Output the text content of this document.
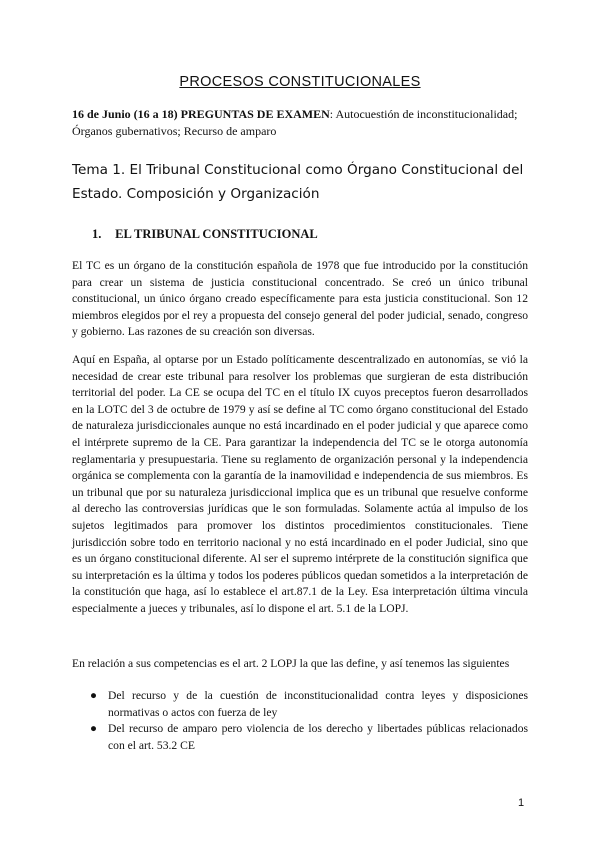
PROCESOS CONSTITUCIONALES
16 de Junio (16 a 18) PREGUNTAS DE EXAMEN: Autocuestión de inconstitucionalidad; Órganos gubernativos; Recurso de amparo
Tema 1. El Tribunal Constitucional como Órgano Constitucional del Estado. Composición y Organización
1. EL TRIBUNAL CONSTITUCIONAL

El TC es un órgano de la constitución española de 1978 que fue introducido por la constitución para crear un sistema de justicia constitucional concentrado. Se creó un único tribunal constitucional, un único órgano creado específicamente para esta justicia constitucional. Son 12 miembros elegidos por el rey a propuesta del consejo general del poder judicial, senado, congreso y gobierno. Las razones de su creación son diversas.

Aquí en España, al optarse por un Estado políticamente descentralizado en autonomías, se vió la necesidad de crear este tribunal para resolver los problemas que surgieran de esta distribución territorial del poder. La CE se ocupa del TC en el título IX cuyos preceptos fueron desarrollados en la LOTC del 3 de octubre de 1979 y así se define al TC como órgano constitucional del Estado de naturaleza jurisdiccionales aunque no está incardinado en el poder judicial y que aparece como el intérprete supremo de la CE. Para garantizar la independencia del TC se le otorga autonomía reglamentaria y presupuestaria. Tiene su reglamento de organización personal y la independencia orgánica se complementa con la garantía de la inamovilidad e independencia de sus miembros. Es un tribunal que por su naturaleza jurisdiccional implica que es un tribunal que resuelve conforme al derecho las controversias jurídicas que le son formuladas. Solamente actúa al impulso de los sujetos legitimados para promover los distintos procedimientos constitucionales. Tiene jurisdicción sobre todo en territorio nacional y no está incardinado en el poder Judicial, sino que es un órgano constitucional diferente. Al ser el supremo intérprete de la constitución significa que su interpretación es la última y todos los poderes públicos quedan sometidos a la interpretación de la constitución que haga, así lo establece el art.87.1 de la Ley. Esa interpretación última vincula especialmente a jueces y tribunales, así lo dispone el art. 5.1 de la LOPJ.

En relación a sus competencias es el art. 2 LOPJ la que las define, y así tenemos las siguientes

● Del recurso y de la cuestión de inconstitucionalidad contra leyes y disposiciones normativas o actos con fuerza de ley
● Del recurso de amparo pero violencia de los derecho y libertades públicas relacionados con el art. 53.2 CE
1
